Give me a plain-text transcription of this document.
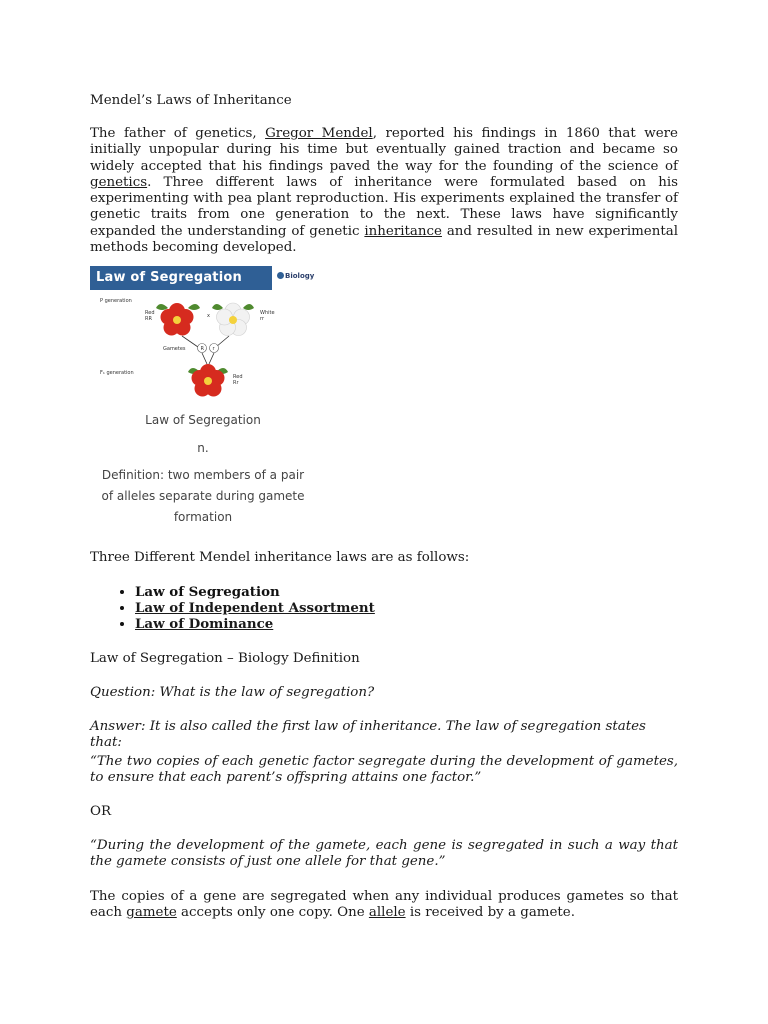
Mendel’s Laws of Inheritance

The father of genetics, Gregor Mendel, reported his findings in 1860 that were initially unpopular during his time but eventually gained traction and became so widely accepted that his findings paved the way for the founding of the science of genetics. Three different laws of inheritance were formulated based on his experimenting with pea plant reproduction. His experiments explained the transfer of genetic traits from one generation to the next. These laws have significantly expanded the understanding of genetic inheritance and resulted in new experimental methods becoming developed.

Law of Segregation	Biology
P generation
Red
RR	x	White
rr
Gametes	R r
F₁ generation
Red
Rr

Law of Segregation

n.

Definition: two members of a pair

of alleles separate during gamete

formation

Three Different Mendel inheritance laws are as follows:

• Law of Segregation
• Law of Independent Assortment
• Law of Dominance

Law of Segregation – Biology Definition

Question: What is the law of segregation?

Answer: It is also called the first law of inheritance. The law of segregation states that:

“The two copies of each genetic factor segregate during the development of gametes, to ensure that each parent’s offspring attains one factor.”

OR

“During the development of the gamete, each gene is segregated in such a way that the gamete consists of just one allele for that gene.”

The copies of a gene are segregated when any individual produces gametes so that each gamete accepts only one copy. One allele is received by a gamete.
